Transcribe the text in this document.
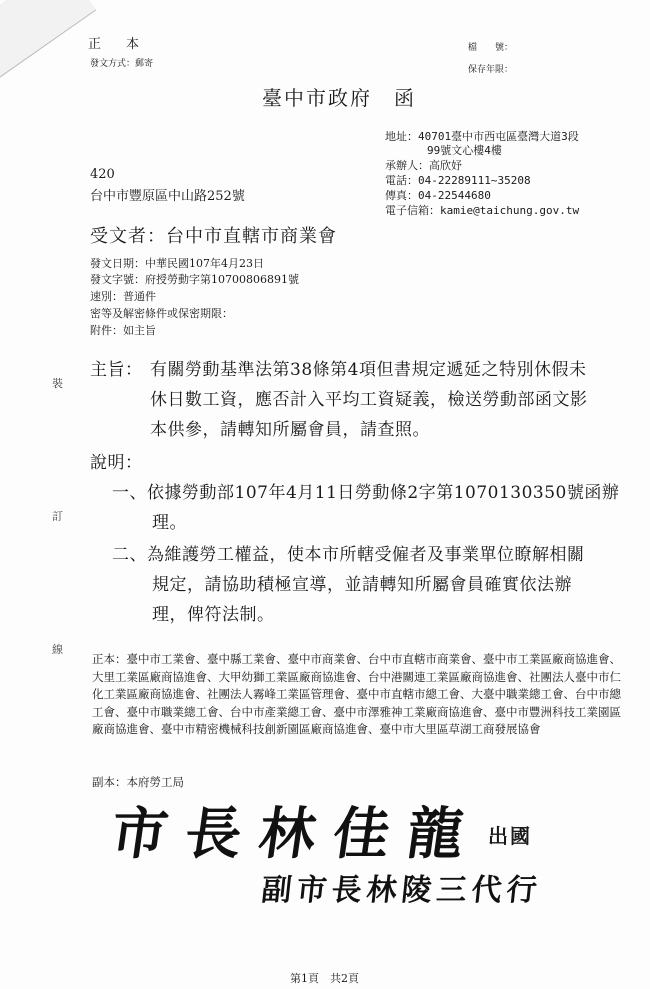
正　本
發文方式：郵寄
檔　　號：
保存年限：
臺中市政府　函
地址：40701臺中市西屯區臺灣大道3段
99號文心樓4樓
承辦人：高欣妤
電話：04-22289111~35208
傳真：04-22544680
電子信箱：kamie@taichung.gov.tw
420
台中市豐原區中山路252號
受文者：台中市直轄市商業會
發文日期：中華民國107年4月23日
發文字號：府授勞動字第10700806891號
速別：普通件
密等及解密條件或保密期限：
附件：如主旨
主旨： 有關勞動基準法第38條第4項但書規定遞延之特別休假未
休日數工資，應否計入平均工資疑義，檢送勞動部函文影
本供參，請轉知所屬會員，請查照。
說明：
一、依據勞動部107年4月11日勞動條2字第1070130350號函辦
理。
二、為維護勞工權益，使本市所轄受僱者及事業單位瞭解相關
規定，請協助積極宣導，並請轉知所屬會員確實依法辦
理，俾符法制。
裝
訂
線
正本：臺中市工業會、臺中縣工業會、臺中市商業會、台中市直轄市商業會、臺中市工業區廠商協進會、大里工業區廠商協進會、大甲幼獅工業區廠商協進會、台中港關連工業區廠商協進會、社團法人臺中市仁化工業區廠商協進會、社團法人霧峰工業區管理會、臺中市直轄市總工會、大臺中職業總工會、台中市總工會、臺中市職業總工會、台中市產業總工會、臺中市澤雅神工業廠商協進會、臺中市豐洲科技工業園區廠商協進會、臺中市精密機械科技創新園區廠商協進會、臺中市大里區草湖工商發展協會
副本：本府勞工局
市長林佳龍 出國
副市長林陵三代行
第1頁　共2頁
